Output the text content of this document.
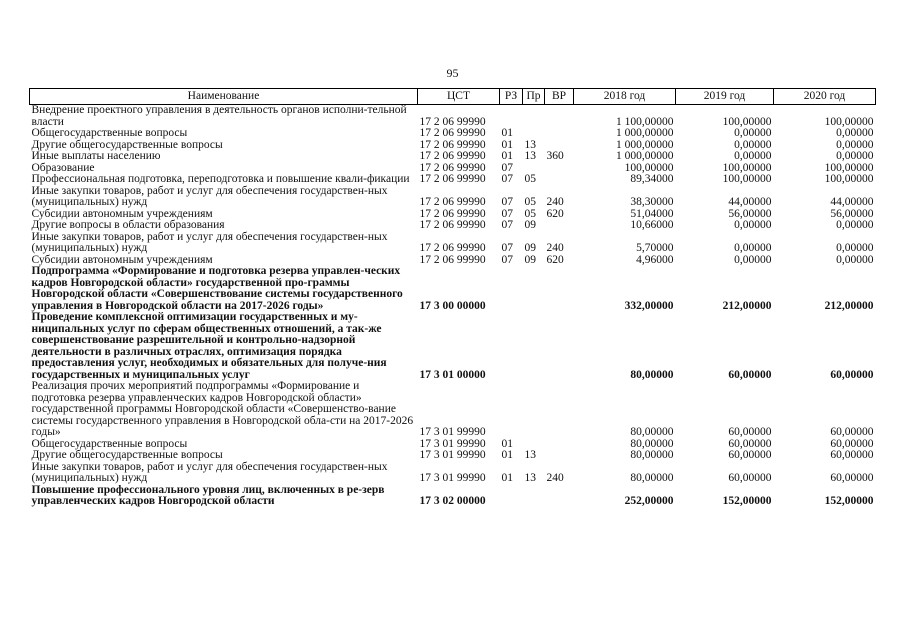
95
Наименование	ЦСТ	РЗ	Пр	ВР	2018 год	2019 год	2020 год
Внедрение проектного управления в деятельность органов исполни-тельной власти	17 2 06 99990				1 100,00000	100,00000	100,00000
Общегосударственные вопросы	17 2 06 99990	01			1 000,00000	0,00000	0,00000
Другие общегосударственные вопросы	17 2 06 99990	01	13		1 000,00000	0,00000	0,00000
Иные выплаты населению	17 2 06 99990	01	13	360	1 000,00000	0,00000	0,00000
Образование	17 2 06 99990	07			100,00000	100,00000	100,00000
Профессиональная подготовка, переподготовка и повышение квали-фикации	17 2 06 99990	07	05		89,34000	100,00000	100,00000
Иные закупки товаров, работ и услуг для обеспечения государствен-ных (муниципальных) нужд	17 2 06 99990	07	05	240	38,30000	44,00000	44,00000
Субсидии автономным учреждениям	17 2 06 99990	07	05	620	51,04000	56,00000	56,00000
Другие вопросы в области образования	17 2 06 99990	07	09		10,66000	0,00000	0,00000
Иные закупки товаров, работ и услуг для обеспечения государствен-ных (муниципальных) нужд	17 2 06 99990	07	09	240	5,70000	0,00000	0,00000
Субсидии автономным учреждениям	17 2 06 99990	07	09	620	4,96000	0,00000	0,00000
Подпрограмма «Формирование и подготовка резерва управлен-ческих кадров Новгородской области» государственной про-граммы Новгородской области «Совершенствование системы государственного управления в Новгородской области на 2017-2026 годы»	17 3 00 00000				332,00000	212,00000	212,00000
Проведение комплексной оптимизации государственных и му-ниципальных услуг по сферам общественных отношений, а так-же совершенствование разрешительной и контрольно-надзорной деятельности в различных отраслях, оптимизация порядка предоставления услуг, необходимых и обязательных для получе-ния государственных и муниципальных услуг	17 3 01 00000				80,00000	60,00000	60,00000
Реализация прочих мероприятий подпрограммы «Формирование и подготовка резерва управленческих кадров Новгородской области» государственной программы Новгородской области «Совершенство-вание системы государственного управления в Новгородской обла-сти на 2017-2026 годы»	17 3 01 99990				80,00000	60,00000	60,00000
Общегосударственные вопросы	17 3 01 99990	01			80,00000	60,00000	60,00000
Другие общегосударственные вопросы	17 3 01 99990	01	13		80,00000	60,00000	60,00000
Иные закупки товаров, работ и услуг для обеспечения государствен-ных (муниципальных) нужд	17 3 01 99990	01	13	240	80,00000	60,00000	60,00000
Повышение профессионального уровня лиц, включенных в ре-зерв управленческих кадров Новгородской области	17 3 02 00000				252,00000	152,00000	152,00000
